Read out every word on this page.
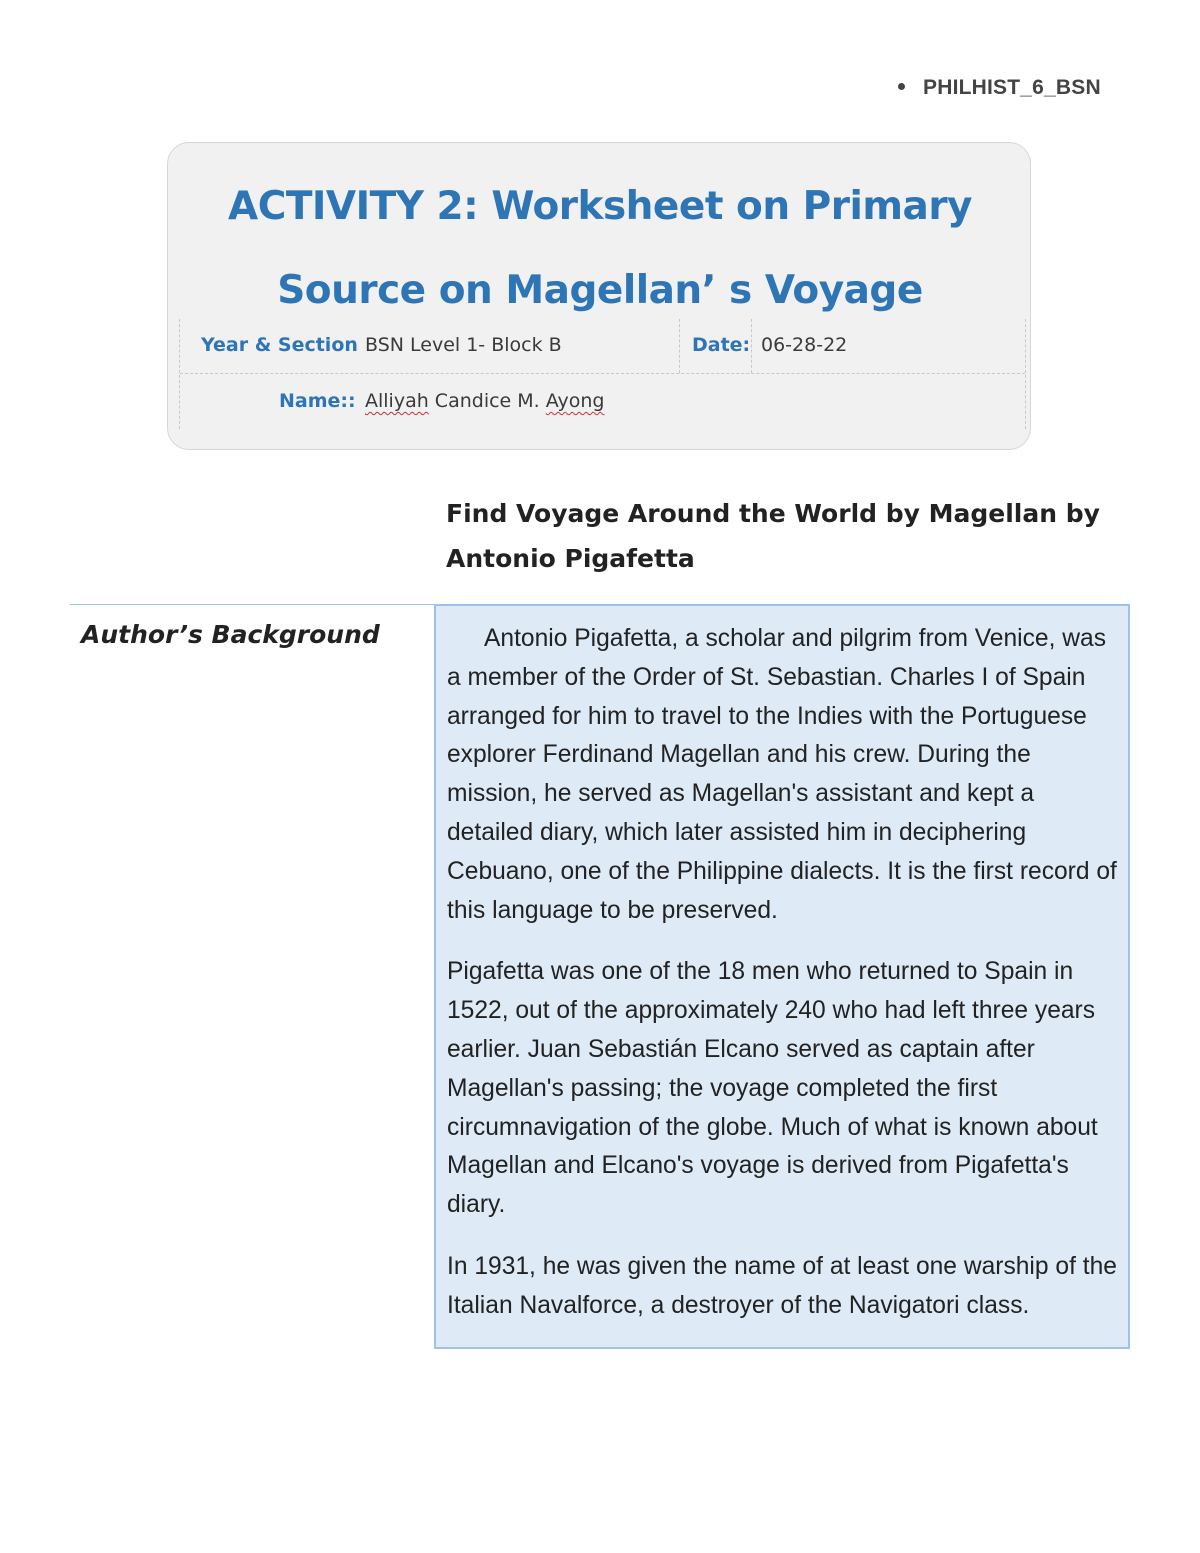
PHILHIST_6_BSN
ACTIVITY 2: Worksheet on Primary
Source on Magellan’ s Voyage
Year & Section BSN Level 1- Block B	Date: 06-28-22
Name:: Alliyah Candice M. Ayong
Find Voyage Around the World by Magellan by
Antonio Pigafetta
Author’s Background	Antonio Pigafetta, a scholar and pilgrim from Venice, was a member of the Order of St. Sebastian. Charles I of Spain arranged for him to travel to the Indies with the Portuguese explorer Ferdinand Magellan and his crew. During the mission, he served as Magellan's assistant and kept a detailed diary, which later assisted him in deciphering Cebuano, one of the Philippine dialects. It is the first record of this language to be preserved.

Pigafetta was one of the 18 men who returned to Spain in 1522, out of the approximately 240 who had left three years earlier. Juan Sebastián Elcano served as captain after Magellan's passing; the voyage completed the first circumnavigation of the globe. Much of what is known about Magellan and Elcano's voyage is derived from Pigafetta's diary.

In 1931, he was given the name of at least one warship of the Italian Navalforce, a destroyer of the Navigatori class.
